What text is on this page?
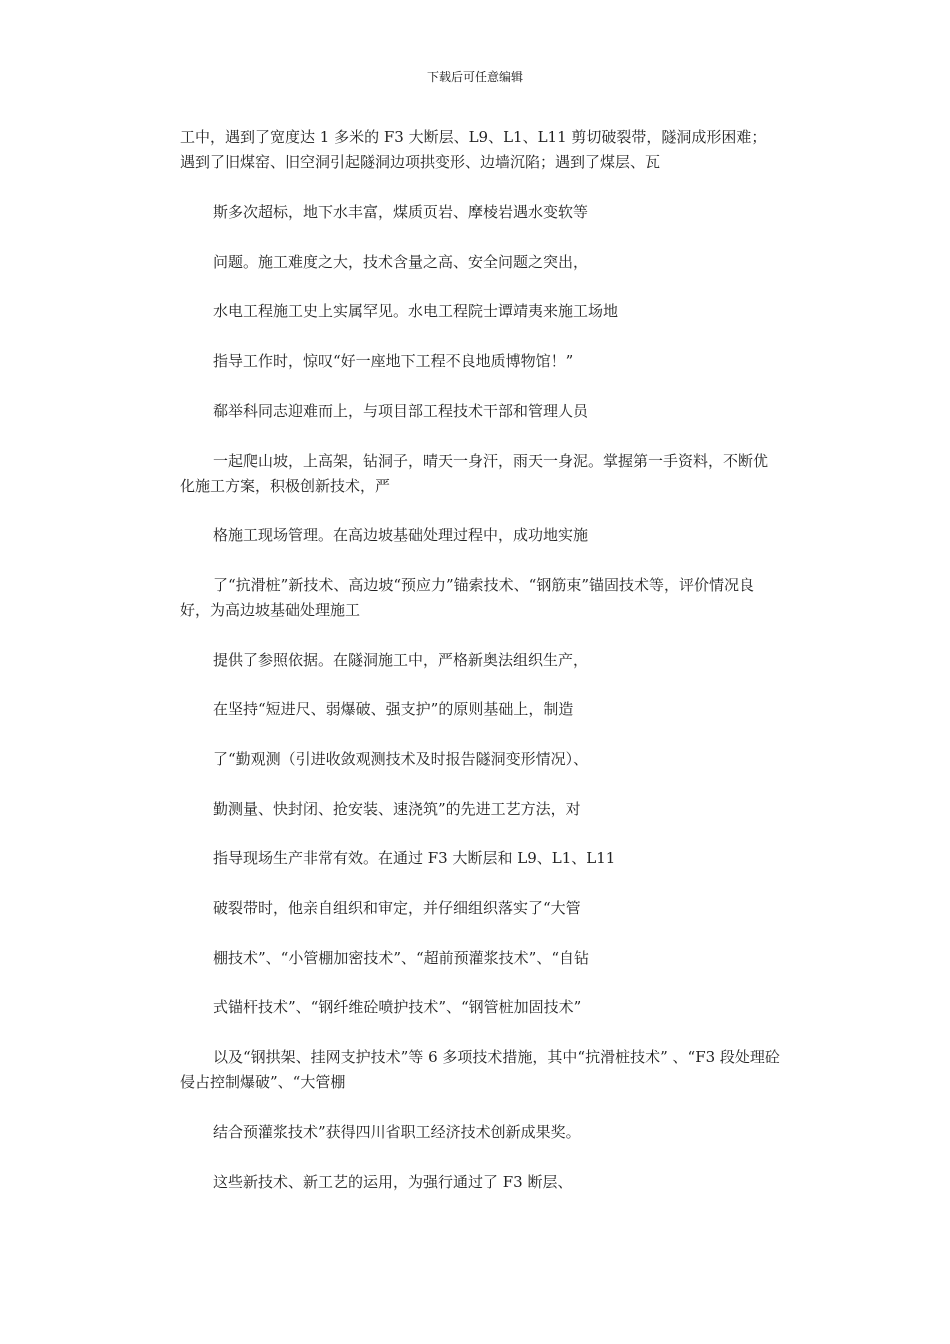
下载后可任意编辑
工中，遇到了宽度达 1 多米的 F3 大断层、L9、L1、L11 剪切破裂带，隧洞成形困难；遇到了旧煤窑、旧空洞引起隧洞边项拱变形、边墙沉陷；遇到了煤层、瓦
斯多次超标，地下水丰富，煤质页岩、摩棱岩遇水变软等
问题。施工难度之大，技术含量之高、安全问题之突出，
水电工程施工史上实属罕见。水电工程院士谭靖夷来施工场地
指导工作时，惊叹“好一座地下工程不良地质博物馆！”
郗举科同志迎难而上，与项目部工程技术干部和管理人员
一起爬山坡，上高架，钻洞子，晴天一身汗，雨天一身泥。掌握第一手资料，不断优化施工方案，积极创新技术，严
格施工现场管理。在高边坡基础处理过程中，成功地实施
了“抗滑桩”新技术、高边坡“预应力”锚索技术、“钢筋束”锚固技术等，评价情况良好，为高边坡基础处理施工
提供了参照依据。在隧洞施工中，严格新奥法组织生产，
在坚持“短进尺、弱爆破、强支护”的原则基础上，制造
了“勤观测（引进收敛观测技术及时报告隧洞变形情况）、
勤测量、快封闭、抢安装、速浇筑”的先进工艺方法，对
指导现场生产非常有效。在通过 F3 大断层和 L9、L1、L11
破裂带时，他亲自组织和审定，并仔细组织落实了“大管
棚技术”、“小管棚加密技术”、“超前预灌浆技术”、“自钻
式锚杆技术”、“钢纤维砼喷护技术”、“钢管桩加固技术”
以及“钢拱架、挂网支护技术”等 6 多项技术措施，其中“抗滑桩技术” 、“F3 段处理砼侵占控制爆破”、“大管棚
结合预灌浆技术”获得四川省职工经济技术创新成果奖。
这些新技术、新工艺的运用，为强行通过了 F3 断层、
